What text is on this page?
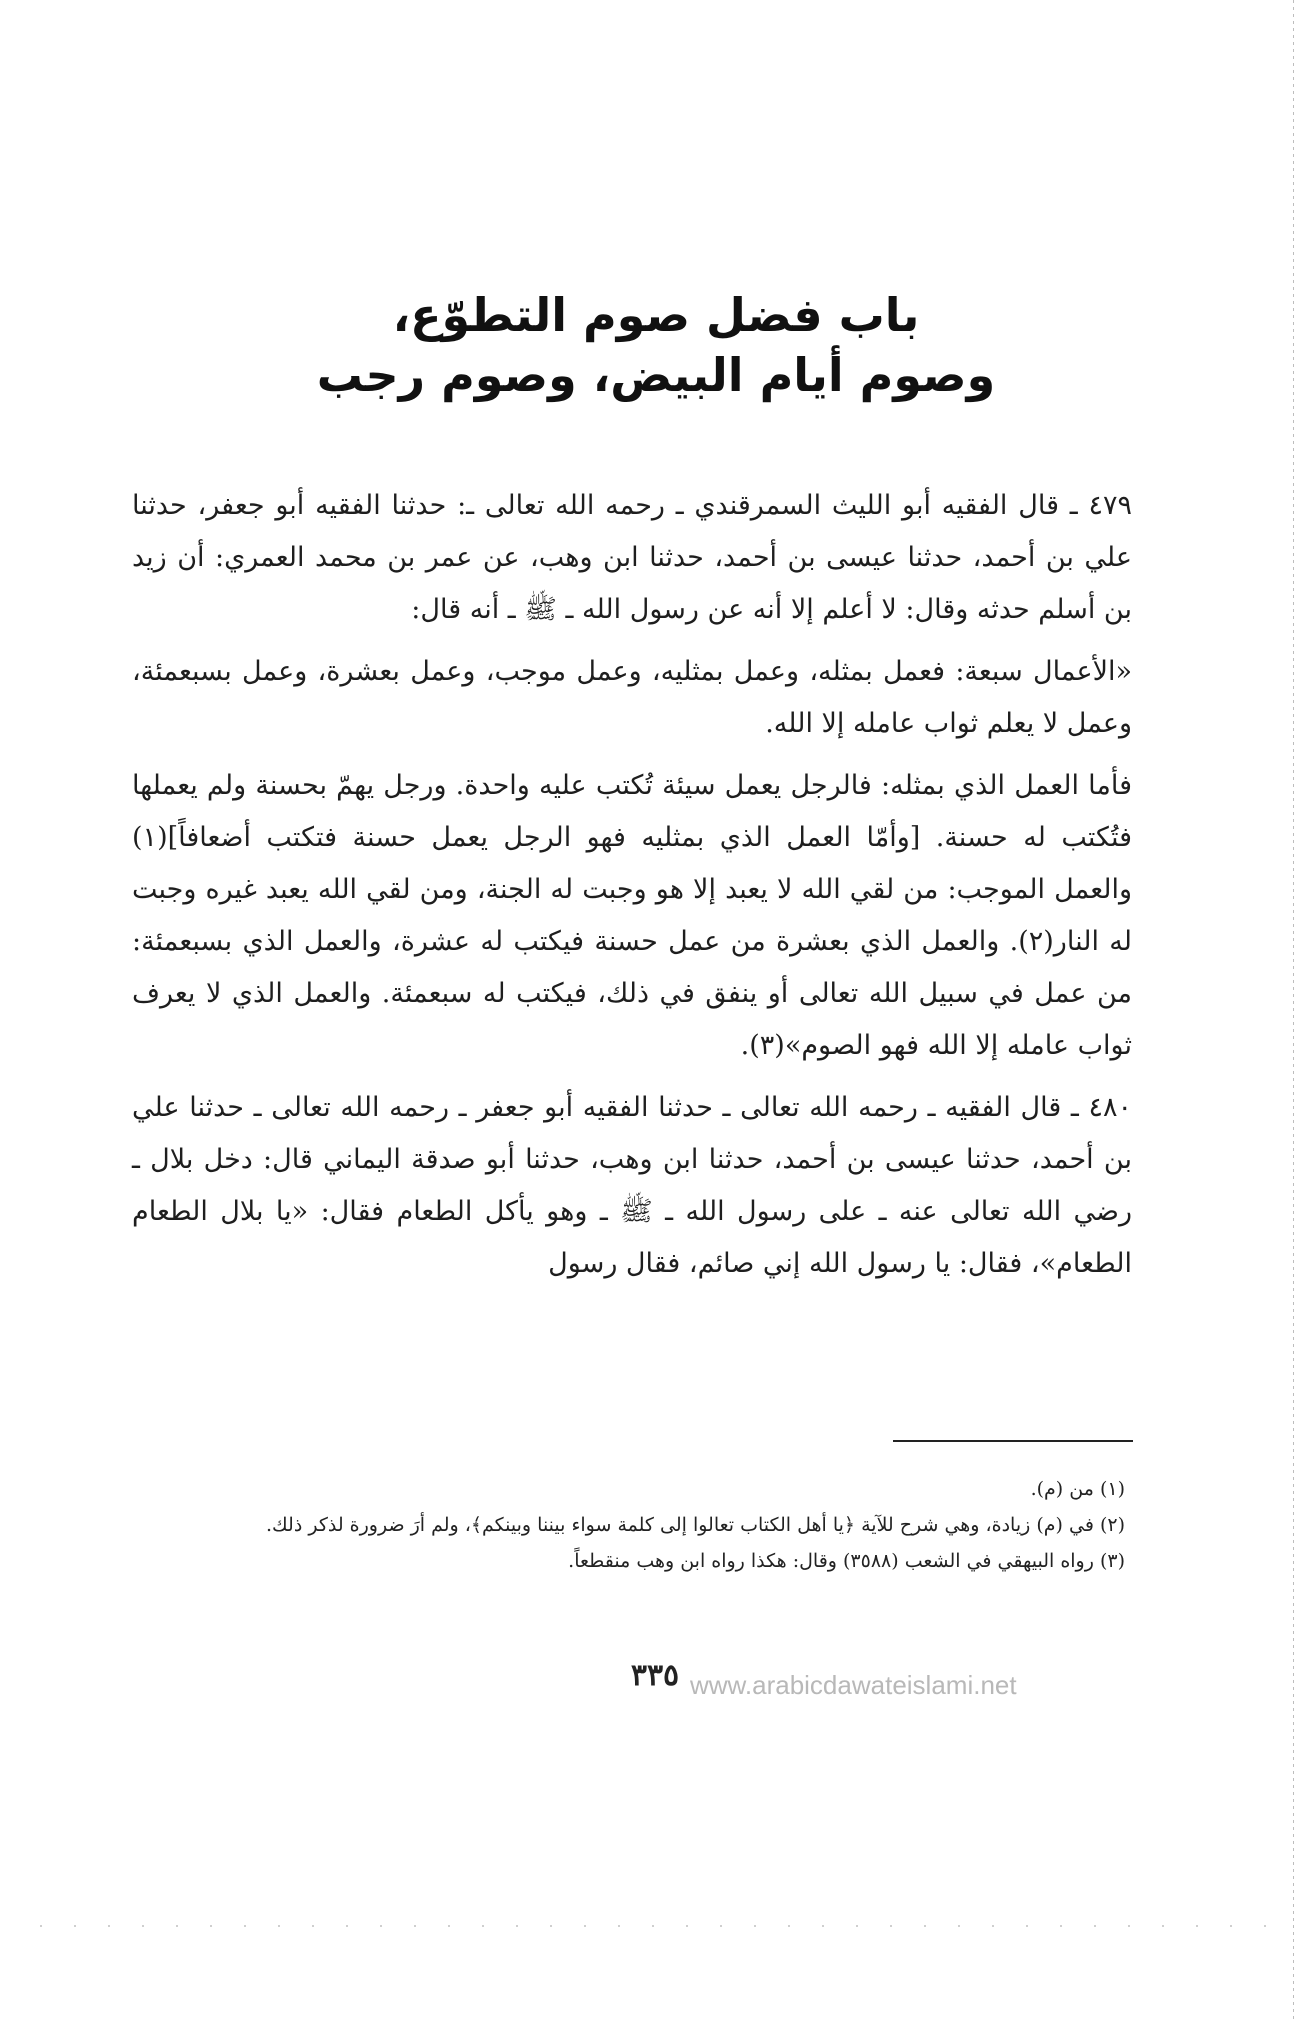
باب فضل صوم التطوّع،
وصوم أيام البيض، وصوم رجب

٤٧٩ ـ قال الفقيه أبو الليث السمرقندي ـ رحمه الله تعالى ـ: حدثنا الفقيه أبو جعفر، حدثنا علي بن أحمد، حدثنا عيسى بن أحمد، حدثنا ابن وهب، عن عمر بن محمد العمري: أن زيد بن أسلم حدثه وقال: لا أعلم إلا أنه عن رسول الله ـ ﷺ ـ أنه قال:

«الأعمال سبعة: فعمل بمثله، وعمل بمثليه، وعمل موجب، وعمل بعشرة، وعمل بسبعمئة، وعمل لا يعلم ثواب عامله إلا الله.

فأما العمل الذي بمثله: فالرجل يعمل سيئة تُكتب عليه واحدة. ورجل يهمّ بحسنة ولم يعملها فتُكتب له حسنة. [وأمّا العمل الذي بمثليه فهو الرجل يعمل حسنة فتكتب أضعافاً](١) والعمل الموجب: من لقي الله لا يعبد إلا هو وجبت له الجنة، ومن لقي الله يعبد غيره وجبت له النار(٢). والعمل الذي بعشرة من عمل حسنة فيكتب له عشرة، والعمل الذي بسبعمئة: من عمل في سبيل الله تعالى أو ينفق في ذلك، فيكتب له سبعمئة. والعمل الذي لا يعرف ثواب عامله إلا الله فهو الصوم»(٣).

٤٨٠ ـ قال الفقيه ـ رحمه الله تعالى ـ حدثنا الفقيه أبو جعفر ـ رحمه الله تعالى ـ حدثنا علي بن أحمد، حدثنا عيسى بن أحمد، حدثنا ابن وهب، حدثنا أبو صدقة اليماني قال: دخل بلال ـ رضي الله تعالى عنه ـ على رسول الله ـ ﷺ ـ وهو يأكل الطعام فقال: «يا بلال الطعام الطعام»، فقال: يا رسول الله إني صائم، فقال رسول

(١) من (م).
(٢) في (م) زيادة، وهي شرح للآية ﴿يا أهل الكتاب تعالوا إلى كلمة سواء بيننا وبينكم﴾، ولم أرَ ضرورة لذكر ذلك.
(٣) رواه البيهقي في الشعب (٣٥٨٨) وقال: هكذا رواه ابن وهب منقطعاً.
٣٣٥ www.arabicdawateislami.net
